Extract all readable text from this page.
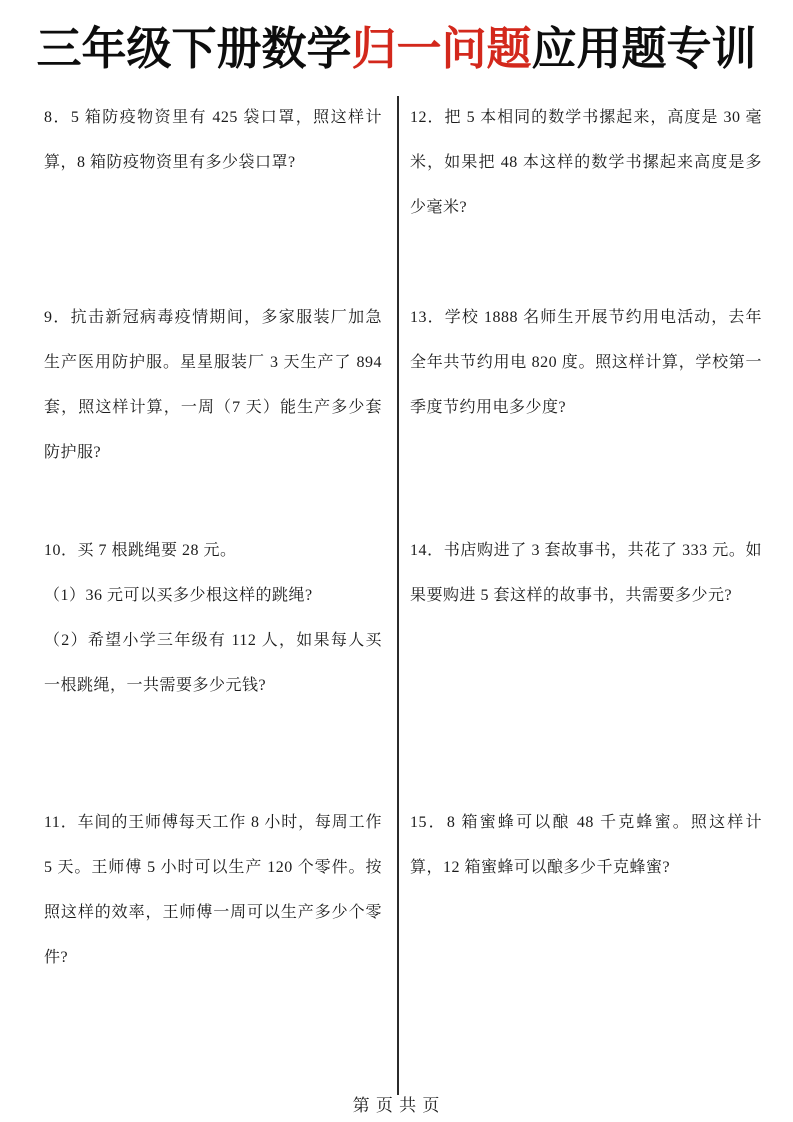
三年级下册数学归一问题应用题专训

8．5 箱防疫物资里有 425 袋口罩，照这样计算，8 箱防疫物资里有多少袋口罩?

9．抗击新冠病毒疫情期间，多家服装厂加急生产医用防护服。星星服装厂 3 天生产了 894 套，照这样计算，一周（7 天）能生产多少套防护服?

10．买 7 根跳绳要 28 元。

（1）36 元可以买多少根这样的跳绳?

（2）希望小学三年级有 112 人，如果每人买一根跳绳，一共需要多少元钱?

11．车间的王师傅每天工作 8 小时，每周工作 5 天。王师傅 5 小时可以生产 120 个零件。按照这样的效率，王师傅一周可以生产多少个零件?

12．把 5 本相同的数学书摞起来，高度是 30 毫米，如果把 48 本这样的数学书摞起来高度是多少毫米?

13．学校 1888 名师生开展节约用电活动，去年全年共节约用电 820 度。照这样计算，学校第一季度节约用电多少度?

14．书店购进了 3 套故事书，共花了 333 元。如果要购进 5 套这样的故事书，共需要多少元?

15．8 箱蜜蜂可以酿 48 千克蜂蜜。照这样计算，12 箱蜜蜂可以酿多少千克蜂蜜?

第 页 共 页
